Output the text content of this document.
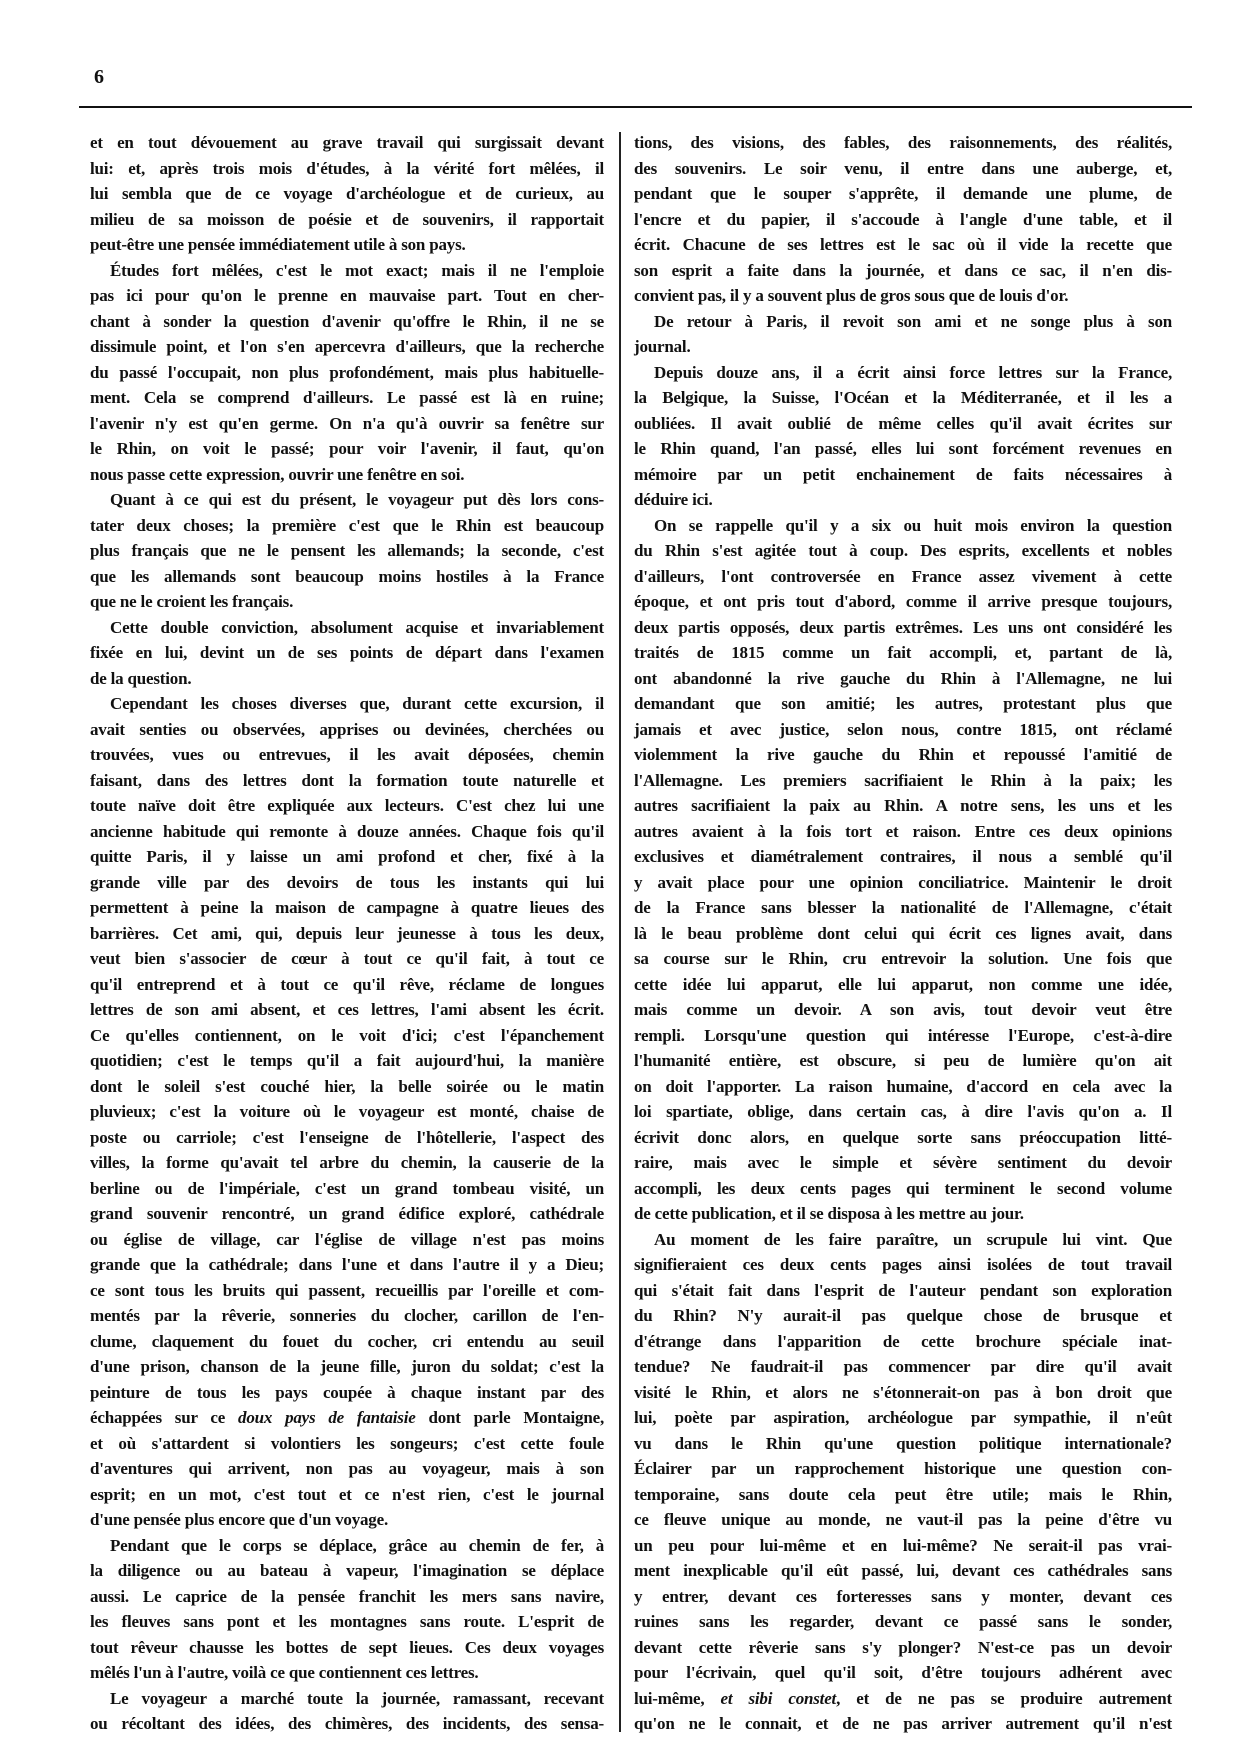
6
et en tout dévouement au grave travail qui surgissait devant
lui: et, après trois mois d'études, à la vérité fort mêlées, il
lui sembla que de ce voyage d'archéologue et de curieux, au
milieu de sa moisson de poésie et de souvenirs, il rapportait
peut-être une pensée immédiatement utile à son pays.
Études fort mêlées, c'est le mot exact; mais il ne l'emploie
pas ici pour qu'on le prenne en mauvaise part. Tout en cher-
chant à sonder la question d'avenir qu'offre le Rhin, il ne se
dissimule point, et l'on s'en apercevra d'ailleurs, que la recherche
du passé l'occupait, non plus profondément, mais plus habituelle-
ment. Cela se comprend d'ailleurs. Le passé est là en ruine;
l'avenir n'y est qu'en germe. On n'a qu'à ouvrir sa fenêtre sur
le Rhin, on voit le passé; pour voir l'avenir, il faut, qu'on
nous passe cette expression, ouvrir une fenêtre en soi.
Quant à ce qui est du présent, le voyageur put dès lors cons-
tater deux choses; la première c'est que le Rhin est beaucoup
plus français que ne le pensent les allemands; la seconde, c'est
que les allemands sont beaucoup moins hostiles à la France
que ne le croient les français.
Cette double conviction, absolument acquise et invariablement
fixée en lui, devint un de ses points de départ dans l'examen
de la question.
Cependant les choses diverses que, durant cette excursion, il
avait senties ou observées, apprises ou devinées, cherchées ou
trouvées, vues ou entrevues, il les avait déposées, chemin
faisant, dans des lettres dont la formation toute naturelle et
toute naïve doit être expliquée aux lecteurs. C'est chez lui une
ancienne habitude qui remonte à douze années. Chaque fois qu'il
quitte Paris, il y laisse un ami profond et cher, fixé à la
grande ville par des devoirs de tous les instants qui lui
permettent à peine la maison de campagne à quatre lieues des
barrières. Cet ami, qui, depuis leur jeunesse à tous les deux,
veut bien s'associer de cœur à tout ce qu'il fait, à tout ce
qu'il entreprend et à tout ce qu'il rêve, réclame de longues
lettres de son ami absent, et ces lettres, l'ami absent les écrit.
Ce qu'elles contiennent, on le voit d'ici; c'est l'épanchement
quotidien; c'est le temps qu'il a fait aujourd'hui, la manière
dont le soleil s'est couché hier, la belle soirée ou le matin
pluvieux; c'est la voiture où le voyageur est monté, chaise de
poste ou carriole; c'est l'enseigne de l'hôtellerie, l'aspect des
villes, la forme qu'avait tel arbre du chemin, la causerie de la
berline ou de l'impériale, c'est un grand tombeau visité, un
grand souvenir rencontré, un grand édifice exploré, cathédrale
ou église de village, car l'église de village n'est pas moins
grande que la cathédrale; dans l'une et dans l'autre il y a Dieu;
ce sont tous les bruits qui passent, recueillis par l'oreille et com-
mentés par la rêverie, sonneries du clocher, carillon de l'en-
clume, claquement du fouet du cocher, cri entendu au seuil
d'une prison, chanson de la jeune fille, juron du soldat; c'est la
peinture de tous les pays coupée à chaque instant par des
échappées sur ce doux pays de fantaisie dont parle Montaigne,
et où s'attardent si volontiers les songeurs; c'est cette foule
d'aventures qui arrivent, non pas au voyageur, mais à son
esprit; en un mot, c'est tout et ce n'est rien, c'est le journal
d'une pensée plus encore que d'un voyage.
Pendant que le corps se déplace, grâce au chemin de fer, à
la diligence ou au bateau à vapeur, l'imagination se déplace
aussi. Le caprice de la pensée franchit les mers sans navire,
les fleuves sans pont et les montagnes sans route. L'esprit de
tout rêveur chausse les bottes de sept lieues. Ces deux voyages
mêlés l'un à l'autre, voilà ce que contiennent ces lettres.
Le voyageur a marché toute la journée, ramassant, recevant
ou récoltant des idées, des chimères, des incidents, des sensa-
tions, des visions, des fables, des raisonnements, des réalités,
des souvenirs. Le soir venu, il entre dans une auberge, et,
pendant que le souper s'apprête, il demande une plume, de
l'encre et du papier, il s'accoude à l'angle d'une table, et il
écrit. Chacune de ses lettres est le sac où il vide la recette que
son esprit a faite dans la journée, et dans ce sac, il n'en dis-
convient pas, il y a souvent plus de gros sous que de louis d'or.
De retour à Paris, il revoit son ami et ne songe plus à son
journal.
Depuis douze ans, il a écrit ainsi force lettres sur la France,
la Belgique, la Suisse, l'Océan et la Méditerranée, et il les a
oubliées. Il avait oublié de même celles qu'il avait écrites sur
le Rhin quand, l'an passé, elles lui sont forcément revenues en
mémoire par un petit enchainement de faits nécessaires à
déduire ici.
On se rappelle qu'il y a six ou huit mois environ la question
du Rhin s'est agitée tout à coup. Des esprits, excellents et nobles
d'ailleurs, l'ont controversée en France assez vivement à cette
époque, et ont pris tout d'abord, comme il arrive presque toujours,
deux partis opposés, deux partis extrêmes. Les uns ont considéré les
traités de 1815 comme un fait accompli, et, partant de là,
ont abandonné la rive gauche du Rhin à l'Allemagne, ne lui
demandant que son amitié; les autres, protestant plus que
jamais et avec justice, selon nous, contre 1815, ont réclamé
violemment la rive gauche du Rhin et repoussé l'amitié de
l'Allemagne. Les premiers sacrifiaient le Rhin à la paix; les
autres sacrifiaient la paix au Rhin. A notre sens, les uns et les
autres avaient à la fois tort et raison. Entre ces deux opinions
exclusives et diamétralement contraires, il nous a semblé qu'il
y avait place pour une opinion conciliatrice. Maintenir le droit
de la France sans blesser la nationalité de l'Allemagne, c'était
là le beau problème dont celui qui écrit ces lignes avait, dans
sa course sur le Rhin, cru entrevoir la solution. Une fois que
cette idée lui apparut, elle lui apparut, non comme une idée,
mais comme un devoir. A son avis, tout devoir veut être
rempli. Lorsqu'une question qui intéresse l'Europe, c'est-à-dire
l'humanité entière, est obscure, si peu de lumière qu'on ait
on doit l'apporter. La raison humaine, d'accord en cela avec la
loi spartiate, oblige, dans certain cas, à dire l'avis qu'on a. Il
écrivit donc alors, en quelque sorte sans préoccupation litté-
raire, mais avec le simple et sévère sentiment du devoir
accompli, les deux cents pages qui terminent le second volume
de cette publication, et il se disposa à les mettre au jour.
Au moment de les faire paraître, un scrupule lui vint. Que
signifieraient ces deux cents pages ainsi isolées de tout travail
qui s'était fait dans l'esprit de l'auteur pendant son exploration
du Rhin? N'y aurait-il pas quelque chose de brusque et
d'étrange dans l'apparition de cette brochure spéciale inat-
tendue? Ne faudrait-il pas commencer par dire qu'il avait
visité le Rhin, et alors ne s'étonnerait-on pas à bon droit que
lui, poète par aspiration, archéologue par sympathie, il n'eût
vu dans le Rhin qu'une question politique internationale?
Éclairer par un rapprochement historique une question con-
temporaine, sans doute cela peut être utile; mais le Rhin,
ce fleuve unique au monde, ne vaut-il pas la peine d'être vu
un peu pour lui-même et en lui-même? Ne serait-il pas vrai-
ment inexplicable qu'il eût passé, lui, devant ces cathédrales sans
y entrer, devant ces forteresses sans y monter, devant ces
ruines sans les regarder, devant ce passé sans le sonder,
devant cette rêverie sans s'y plonger? N'est-ce pas un devoir
pour l'écrivain, quel qu'il soit, d'être toujours adhérent avec
lui-même, et sibi constet, et de ne pas se produire autrement
qu'on ne le connait, et de ne pas arriver autrement qu'il n'est
